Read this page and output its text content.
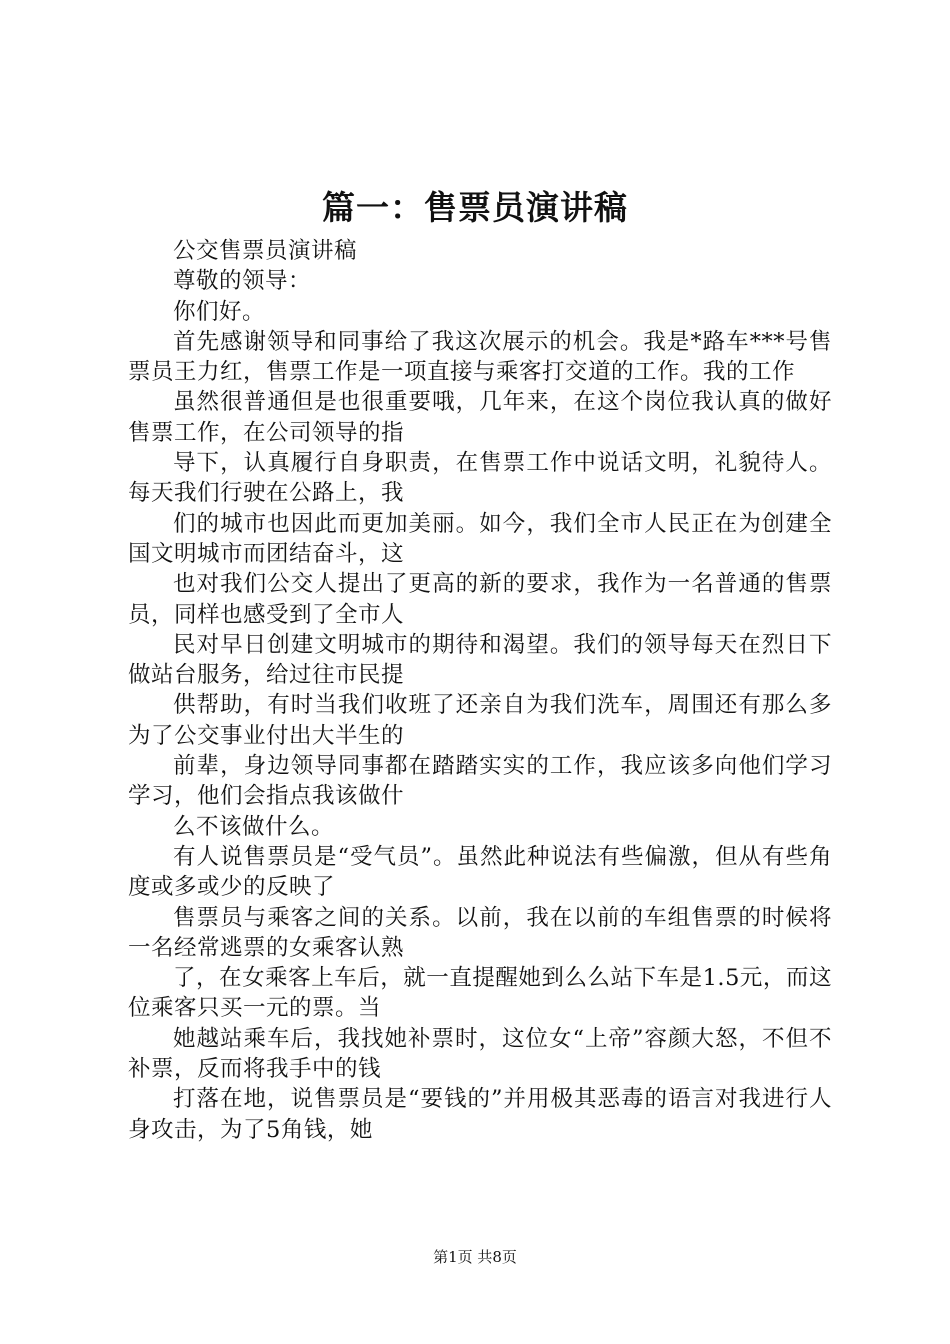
篇一：售票员演讲稿

公交售票员演讲稿

尊敬的领导：

你们好。

首先感谢领导和同事给了我这次展示的机会。我是*路车***号售票员王力红，售票工作是一项直接与乘客打交道的工作。我的工作

虽然很普通但是也很重要哦，几年来，在这个岗位我认真的做好售票工作，在公司领导的指

导下，认真履行自身职责，在售票工作中说话文明，礼貌待人。每天我们行驶在公路上，我

们的城市也因此而更加美丽。如今，我们全市人民正在为创建全国文明城市而团结奋斗，这

也对我们公交人提出了更高的新的要求，我作为一名普通的售票员，同样也感受到了全市人

民对早日创建文明城市的期待和渴望。我们的领导每天在烈日下做站台服务，给过往市民提

供帮助，有时当我们收班了还亲自为我们洗车，周围还有那么多为了公交事业付出大半生的

前辈，身边领导同事都在踏踏实实的工作，我应该多向他们学习学习，他们会指点我该做什

么不该做什么。

有人说售票员是“受气员”。虽然此种说法有些偏激，但从有些角度或多或少的反映了

售票员与乘客之间的关系。以前，我在以前的车组售票的时候将一名经常逃票的女乘客认熟

了，在女乘客上车后，就一直提醒她到么么站下车是1.5元，而这位乘客只买一元的票。当

她越站乘车后，我找她补票时，这位女“上帝”容颜大怒，不但不补票，反而将我手中的钱

打落在地，说售票员是“要钱的”并用极其恶毒的语言对我进行人身攻击，为了5角钱，她

第1页 共8页
